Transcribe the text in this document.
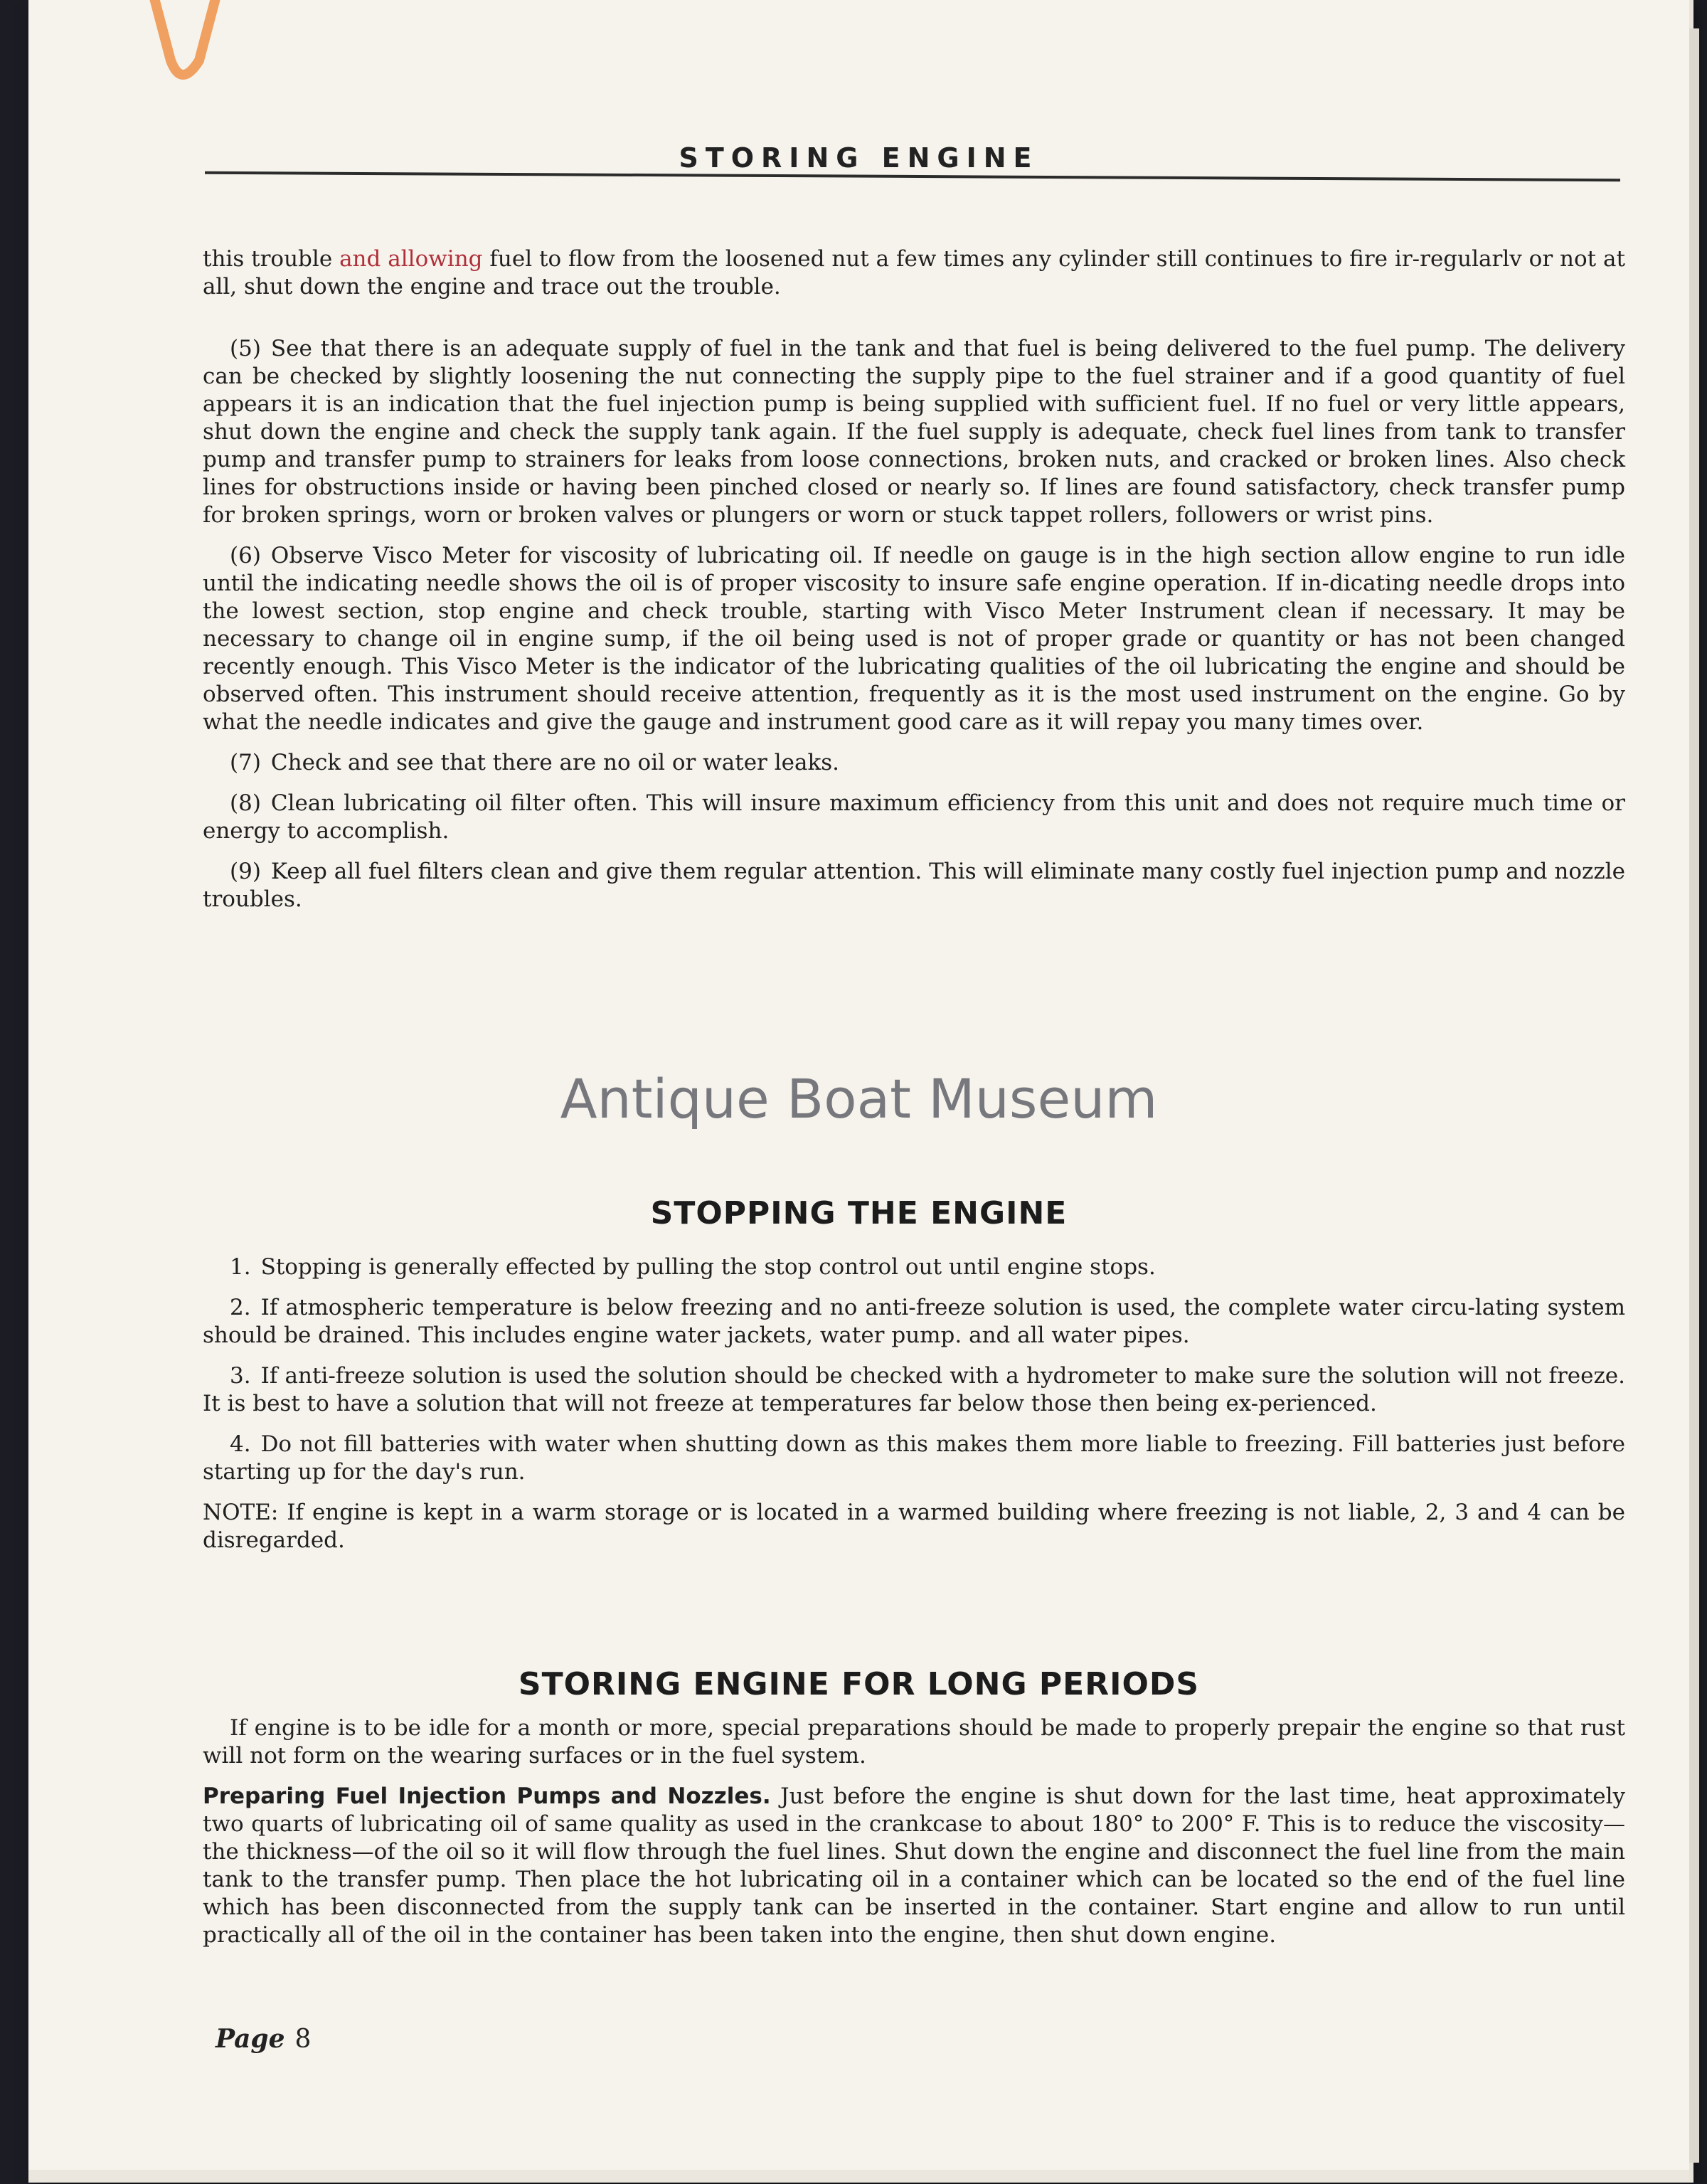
STORING ENGINE

this trouble and allowing fuel to flow from the loosened nut a few times any cylinder still continues to fire ir-regularlv or not at all, shut down the engine and trace out the trouble.

(5) See that there is an adequate supply of fuel in the tank and that fuel is being delivered to the fuel pump. The delivery can be checked by slightly loosening the nut connecting the supply pipe to the fuel strainer and if a good quantity of fuel appears it is an indication that the fuel injection pump is being supplied with sufficient fuel. If no fuel or very little appears, shut down the engine and check the supply tank again. If the fuel supply is adequate, check fuel lines from tank to transfer pump and transfer pump to strainers for leaks from loose connections, broken nuts, and cracked or broken lines. Also check lines for obstructions inside or having been pinched closed or nearly so. If lines are found satisfactory, check transfer pump for broken springs, worn or broken valves or plungers or worn or stuck tappet rollers, followers or wrist pins.

(6) Observe Visco Meter for viscosity of lubricating oil. If needle on gauge is in the high section allow engine to run idle until the indicating needle shows the oil is of proper viscosity to insure safe engine operation. If in-dicating needle drops into the lowest section, stop engine and check trouble, starting with Visco Meter Instrument clean if necessary. It may be necessary to change oil in engine sump, if the oil being used is not of proper grade or quantity or has not been changed recently enough. This Visco Meter is the indicator of the lubricating qualities of the oil lubricating the engine and should be observed often. This instrument should receive attention, frequently as it is the most used instrument on the engine. Go by what the needle indicates and give the gauge and instrument good care as it will repay you many times over.

(7) Check and see that there are no oil or water leaks.

(8) Clean lubricating oil filter often. This will insure maximum efficiency from this unit and does not require much time or energy to accomplish.

(9) Keep all fuel filters clean and give them regular attention. This will eliminate many costly fuel injection pump and nozzle troubles.

Antique Boat Museum
STOPPING THE ENGINE

1. Stopping is generally effected by pulling the stop control out until engine stops.

2. If atmospheric temperature is below freezing and no anti-freeze solution is used, the complete water circu-lating system should be drained. This includes engine water jackets, water pump. and all water pipes.

3. If anti-freeze solution is used the solution should be checked with a hydrometer to make sure the solution will not freeze. It is best to have a solution that will not freeze at temperatures far below those then being ex-perienced.

4. Do not fill batteries with water when shutting down as this makes them more liable to freezing. Fill batteries just before starting up for the day's run.

NOTE: If engine is kept in a warm storage or is located in a warmed building where freezing is not liable, 2, 3 and 4 can be disregarded.

STORING ENGINE FOR LONG PERIODS

If engine is to be idle for a month or more, special preparations should be made to properly prepair the engine so that rust will not form on the wearing surfaces or in the fuel system.

Preparing Fuel Injection Pumps and Nozzles. Just before the engine is shut down for the last time, heat approximately two quarts of lubricating oil of same quality as used in the crankcase to about 180° to 200° F. This is to reduce the viscosity—the thickness—of the oil so it will flow through the fuel lines. Shut down the engine and disconnect the fuel line from the main tank to the transfer pump. Then place the hot lubricating oil in a container which can be located so the end of the fuel line which has been disconnected from the supply tank can be inserted in the container. Start engine and allow to run until practically all of the oil in the container has been taken into the engine, then shut down engine.

Page 8
